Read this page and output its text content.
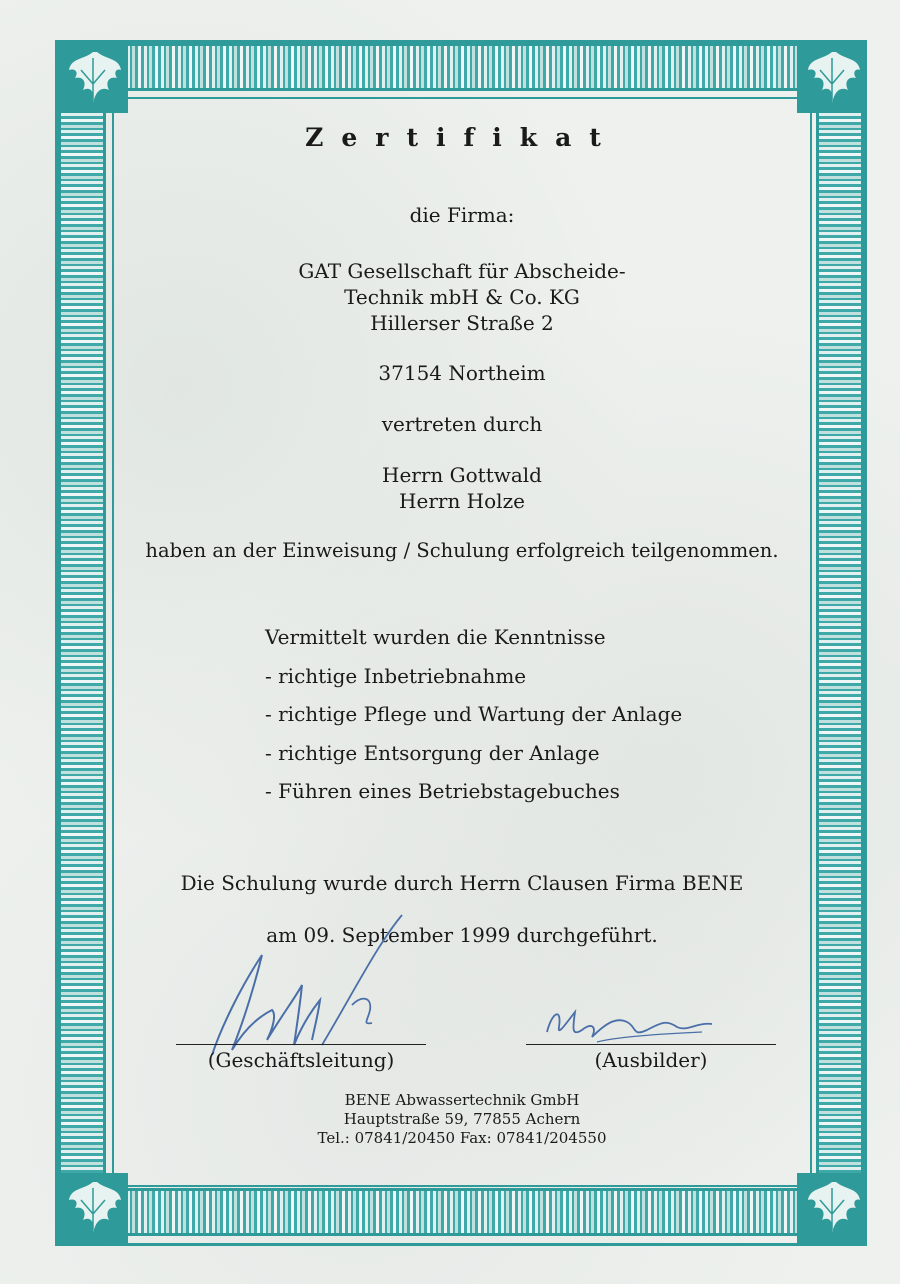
Zertifikat
die Firma:
GAT Gesellschaft für Abscheide-
Technik mbH & Co. KG
Hillerser Straße 2
37154 Northeim
vertreten durch
Herrn Gottwald
Herrn Holze
haben an der Einweisung / Schulung erfolgreich teilgenommen.
Vermittelt wurden die Kenntnisse
- richtige Inbetriebnahme
- richtige Pflege und Wartung der Anlage
- richtige Entsorgung der Anlage
- Führen eines Betriebstagebuches
Die Schulung wurde durch Herrn Clausen Firma BENE
am 09. September 1999 durchgeführt.
(Geschäftsleitung)	(Ausbilder)
BENE Abwassertechnik GmbH
Hauptstraße 59, 77855 Achern
Tel.: 07841/20450 Fax: 07841/204550
